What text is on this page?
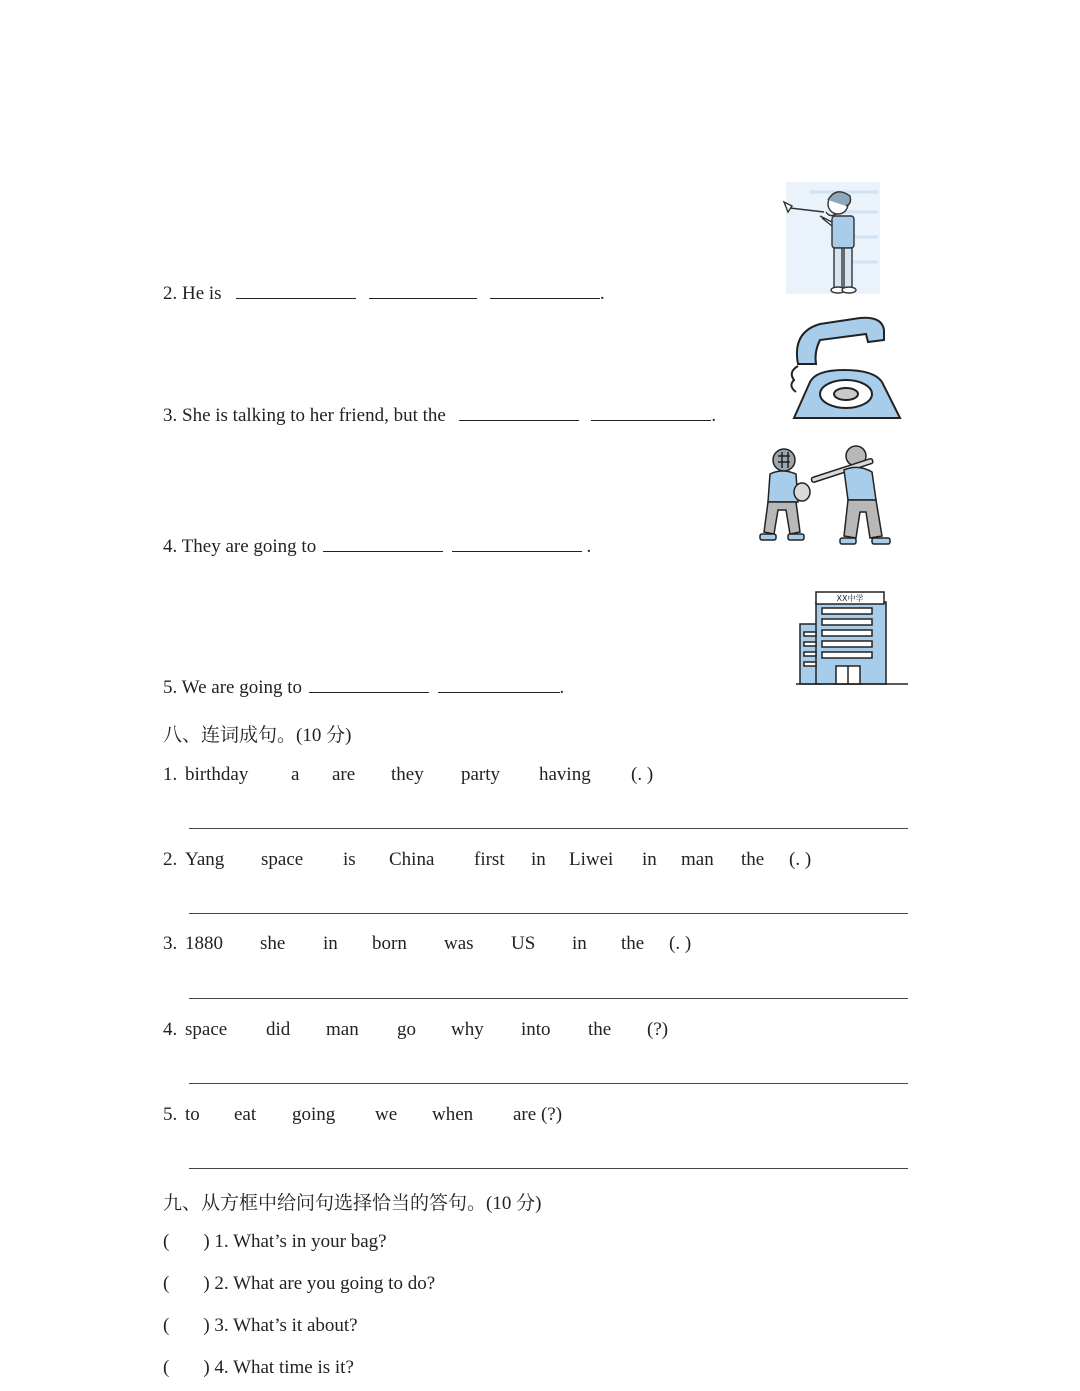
2. He is	.
3. She is talking to her friend, but the	.
4. They are going to	.
5. We are going to	.
XX中学
八、连词成句。(10 分)
1. birthday a are they party having (. )
2. Yang space is China first in Liwei in man the (. )
3. 1880 she in born was US in the (. )
4. space did man go why into the (?)
5. to eat going we when are (?)
九、从方框中给问句选择恰当的答句。(10 分)
( ) 1. What’s in your bag?
( ) 2. What are you going to do?
( ) 3. What’s it about?
( ) 4. What time is it?
